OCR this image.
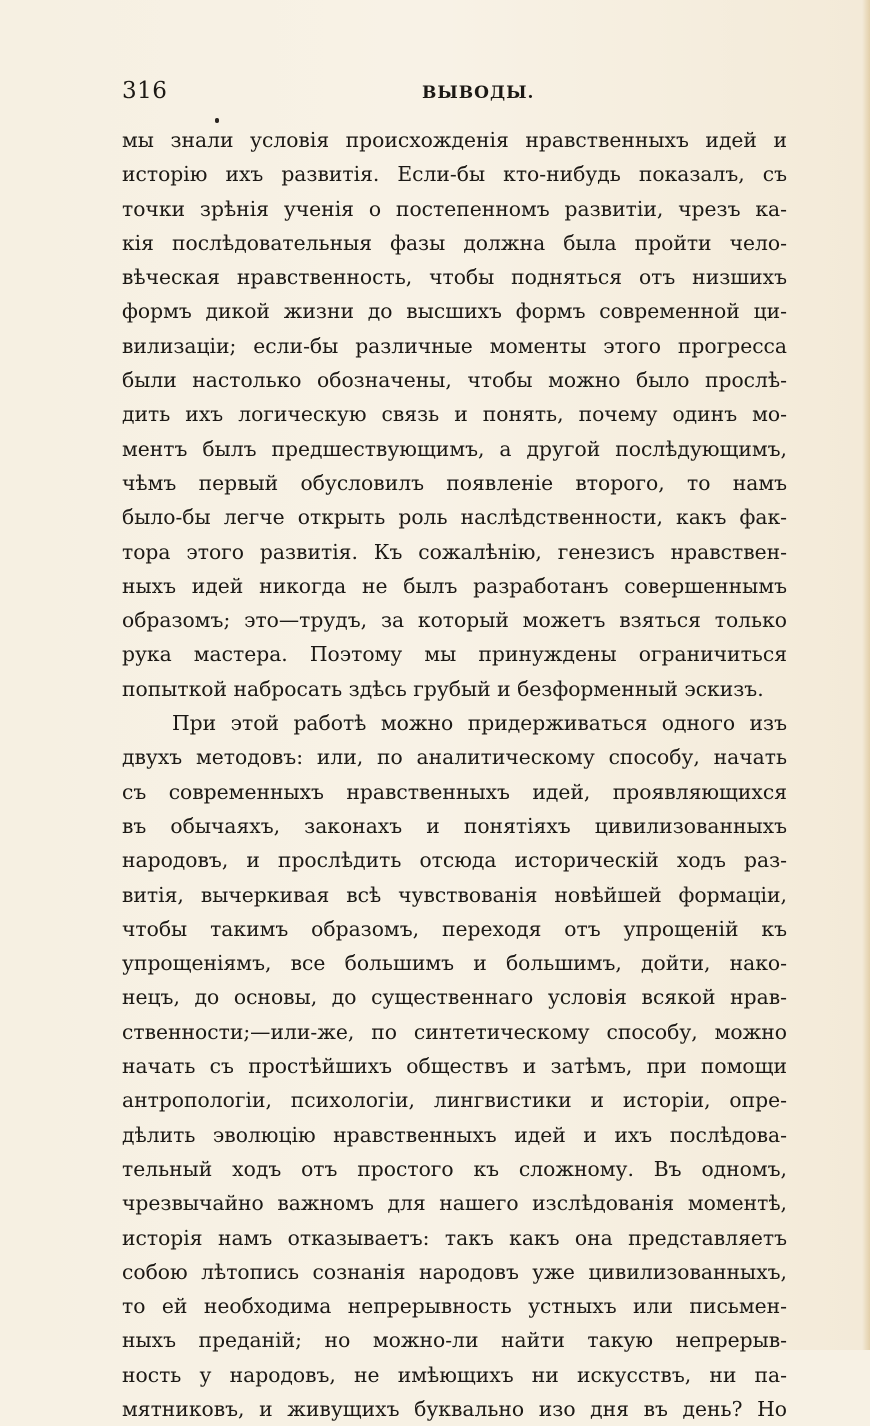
316	ВЫВОДЫ.
мы знали условія происхожденія нравственныхъ идей и
исторію ихъ развитія. Если-бы кто-нибудь показалъ, съ
точки зрѣнія ученія о постепенномъ развитіи, чрезъ ка-
кія послѣдовательныя фазы должна была пройти чело-
вѣческая нравственность, чтобы подняться отъ низшихъ
формъ дикой жизни до высшихъ формъ современной ци-
вилизаціи; если-бы различные моменты этого прогресса
были настолько обозначены, чтобы можно было прослѣ-
дить ихъ логическую связь и понять, почему одинъ мо-
ментъ былъ предшествующимъ, а другой послѣдующимъ,
чѣмъ первый обусловилъ появленіе второго, то намъ
было-бы легче открыть роль наслѣдственности, какъ фак-
тора этого развитія. Къ сожалѣнію, генезисъ нравствен-
ныхъ идей никогда не былъ разработанъ совершеннымъ
образомъ; это—трудъ, за который можетъ взяться только
рука мастера. Поэтому мы принуждены ограничиться
попыткой набросать здѣсь грубый и безформенный эскизъ.
При этой работѣ можно придерживаться одного изъ
двухъ методовъ: или, по аналитическому способу, начать
съ современныхъ нравственныхъ идей, проявляющихся
въ обычаяхъ, законахъ и понятіяхъ цивилизованныхъ
народовъ, и прослѣдить отсюда историческій ходъ раз-
витія, вычеркивая всѣ чувствованія новѣйшей формаціи,
чтобы такимъ образомъ, переходя отъ упрощеній къ
упрощеніямъ, все большимъ и большимъ, дойти, нако-
нецъ, до основы, до существеннаго условія всякой нрав-
ственности;—или-же, по синтетическому способу, можно
начать съ простѣйшихъ обществъ и затѣмъ, при помощи
антропологіи, психологіи, лингвистики и исторіи, опре-
дѣлить эволюцію нравственныхъ идей и ихъ послѣдова-
тельный ходъ отъ простого къ сложному. Въ одномъ,
чрезвычайно важномъ для нашего изслѣдованія моментѣ,
исторія намъ отказываетъ: такъ какъ она представляетъ
собою лѣтопись сознанія народовъ уже цивилизованныхъ,
то ей необходима непрерывность устныхъ или письмен-
ныхъ преданій; но можно-ли найти такую непрерыв-
ность у народовъ, не имѣющихъ ни искусствъ, ни па-
мятниковъ, и живущихъ буквально изо дня въ день? Но
